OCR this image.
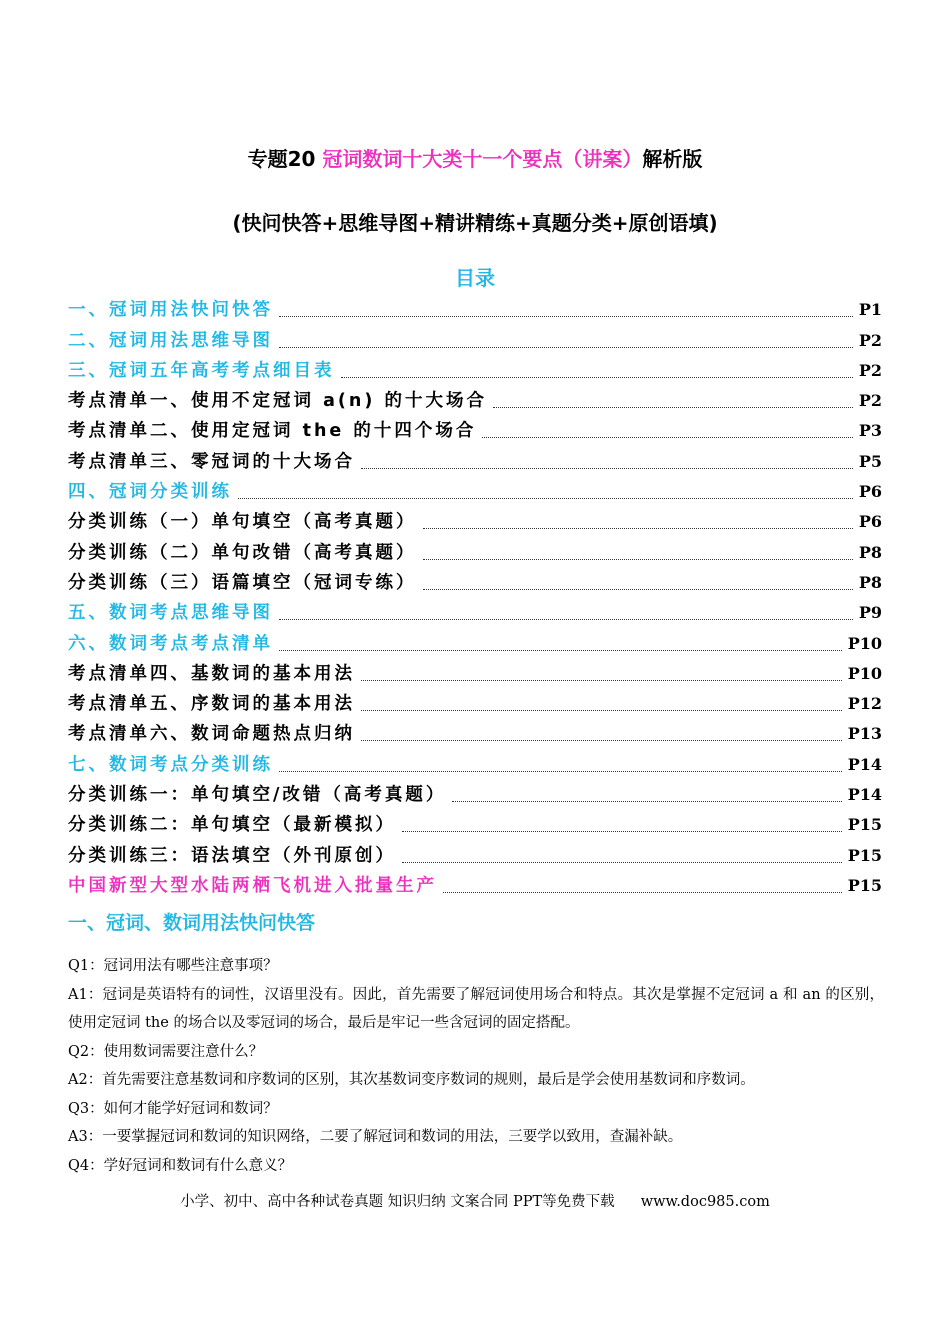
专题20 冠词数词十大类十一个要点（讲案）解析版
(快问快答+思维导图+精讲精练+真题分类+原创语填)
目录
一、冠词用法快问快答	P1
二、冠词用法思维导图	P2
三、冠词五年高考考点细目表	P2
考点清单一、使用不定冠词 a(n) 的十大场合	P2
考点清单二、使用定冠词 the 的十四个场合	P3
考点清单三、零冠词的十大场合	P5
四、冠词分类训练	P6
分类训练（一）单句填空（高考真题）	P6
分类训练（二）单句改错（高考真题）	P8
分类训练（三）语篇填空（冠词专练）	P8
五、数词考点思维导图	P9
六、数词考点考点清单	P10
考点清单四、基数词的基本用法	P10
考点清单五、序数词的基本用法	P12
考点清单六、数词命题热点归纳	P13
七、数词考点分类训练	P14
分类训练一：单句填空/改错（高考真题）	P14
分类训练二：单句填空（最新模拟）	P15
分类训练三：语法填空（外刊原创）	P15
中国新型大型水陆两栖飞机进入批量生产	P15
一、冠词、数词用法快问快答

Q1：冠词用法有哪些注意事项？

A1：冠词是英语特有的词性，汉语里没有。因此，首先需要了解冠词使用场合和特点。其次是掌握不定冠词 a 和 an 的区别，使用定冠词 the 的场合以及零冠词的场合，最后是牢记一些含冠词的固定搭配。

Q2：使用数词需要注意什么？

A2：首先需要注意基数词和序数词的区别，其次基数词变序数词的规则，最后是学会使用基数词和序数词。

Q3：如何才能学好冠词和数词？

A3：一要掌握冠词和数词的知识网络，二要了解冠词和数词的用法，三要学以致用，查漏补缺。

Q4：学好冠词和数词有什么意义？

小学、初中、高中各种试卷真题 知识归纳 文案合同 PPT等免费下载 www.doc985.com
